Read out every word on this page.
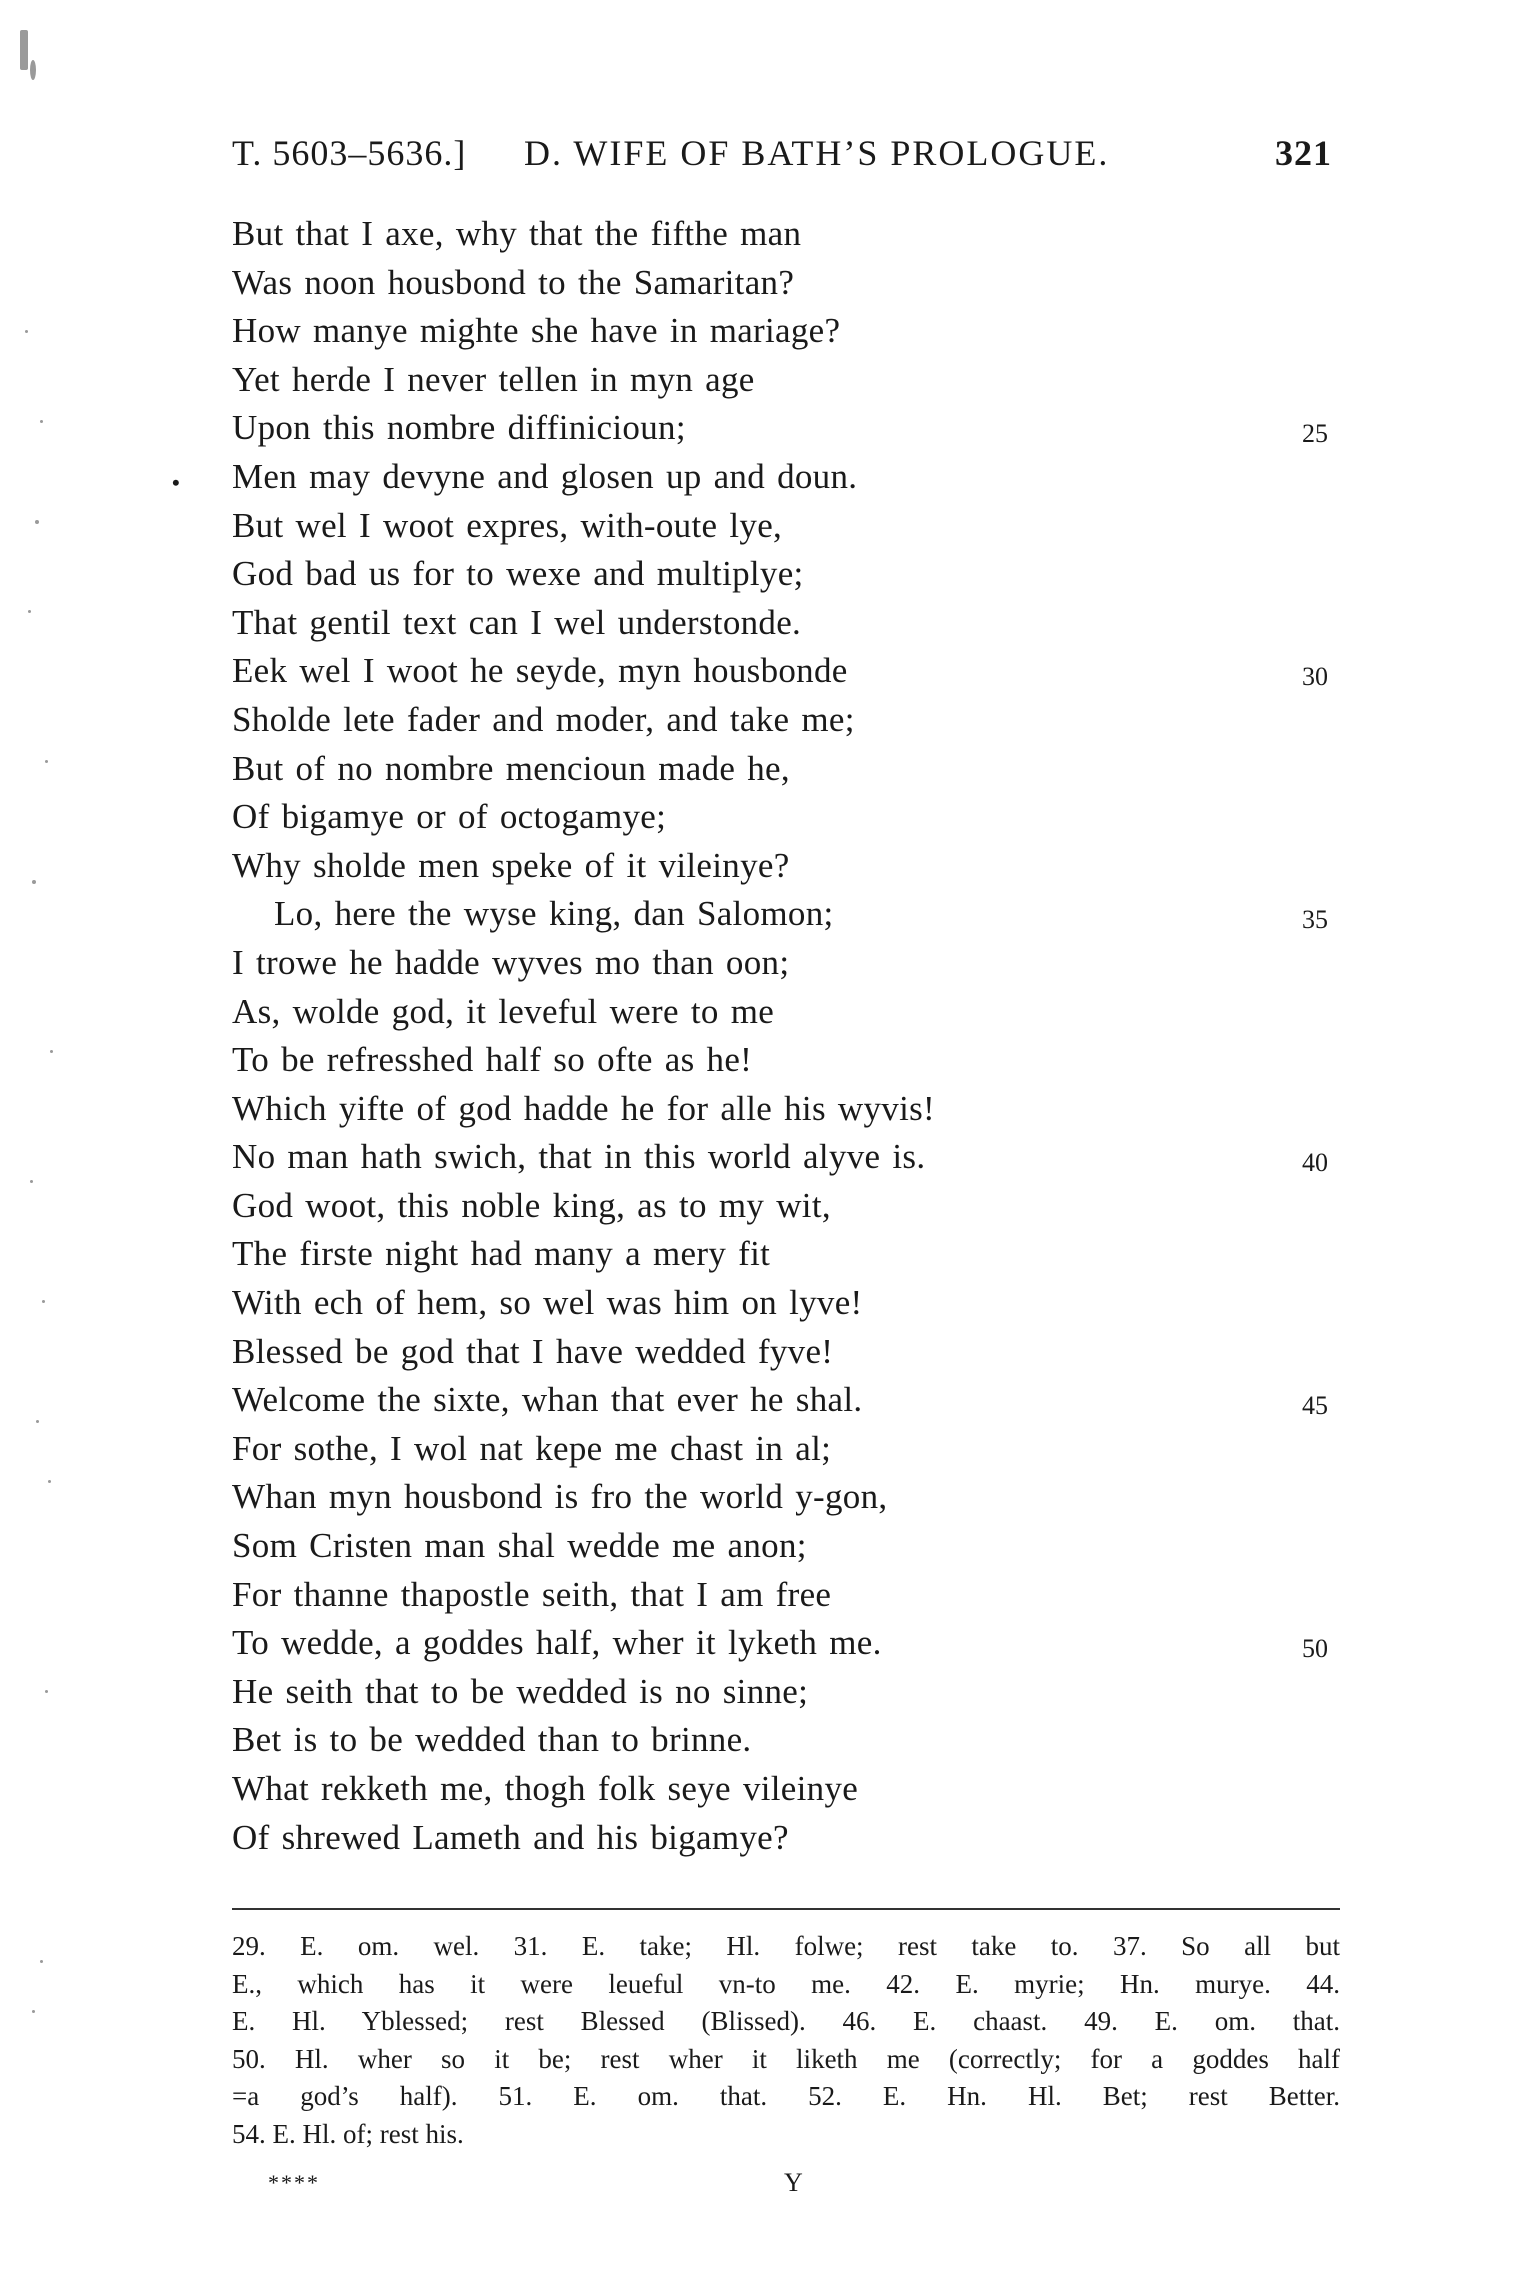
T. 5603–5636.] D. WIFE OF BATH’S PROLOGUE.	321
•
But that I axe, why that the fifthe man
Was noon housbond to the Samaritan?
How manye mighte she have in mariage?
Yet herde I never tellen in myn age
Upon this nombre diffinicioun;	25
Men may devyne and glosen up and doun.
But wel I woot expres, with-oute lye,
God bad us for to wexe and multiplye;
That gentil text can I wel understonde.
Eek wel I woot he seyde, myn housbonde	30
Sholde lete fader and moder, and take me;
But of no nombre mencioun made he,
Of bigamye or of octogamye;
Why sholde men speke of it vileinye?
Lo, here the wyse king, dan Salomon;	35
I trowe he hadde wyves mo than oon;
As, wolde god, it leveful were to me
To be refresshed half so ofte as he!
Which yifte of god hadde he for alle his wyvis!
No man hath swich, that in this world alyve is.	40
God woot, this noble king, as to my wit,
The firste night had many a mery fit
With ech of hem, so wel was him on lyve!
Blessed be god that I have wedded fyve!
Welcome the sixte, whan that ever he shal.	45
For sothe, I wol nat kepe me chast in al;
Whan myn housbond is fro the world y-gon,
Som Cristen man shal wedde me anon;
For thanne thapostle seith, that I am free
To wedde, a goddes half, wher it lyketh me.	50
He seith that to be wedded is no sinne;
Bet is to be wedded than to brinne.
What rekketh me, thogh folk seye vileinye
Of shrewed Lameth and his bigamye?
29. E. om. wel. 31. E. take; Hl. folwe; rest take to. 37. So all but
E., which has it were leueful vn-to me. 42. E. myrie; Hn. murye. 44.
E. Hl. Yblessed; rest Blessed (Blissed). 46. E. chaast. 49. E. om. that.
50. Hl. wher so it be; rest wher it liketh me (correctly; for a goddes half
=a god’s half). 51. E. om. that. 52. E. Hn. Hl. Bet; rest Better.
54. E. Hl. of; rest his.
****	Y
